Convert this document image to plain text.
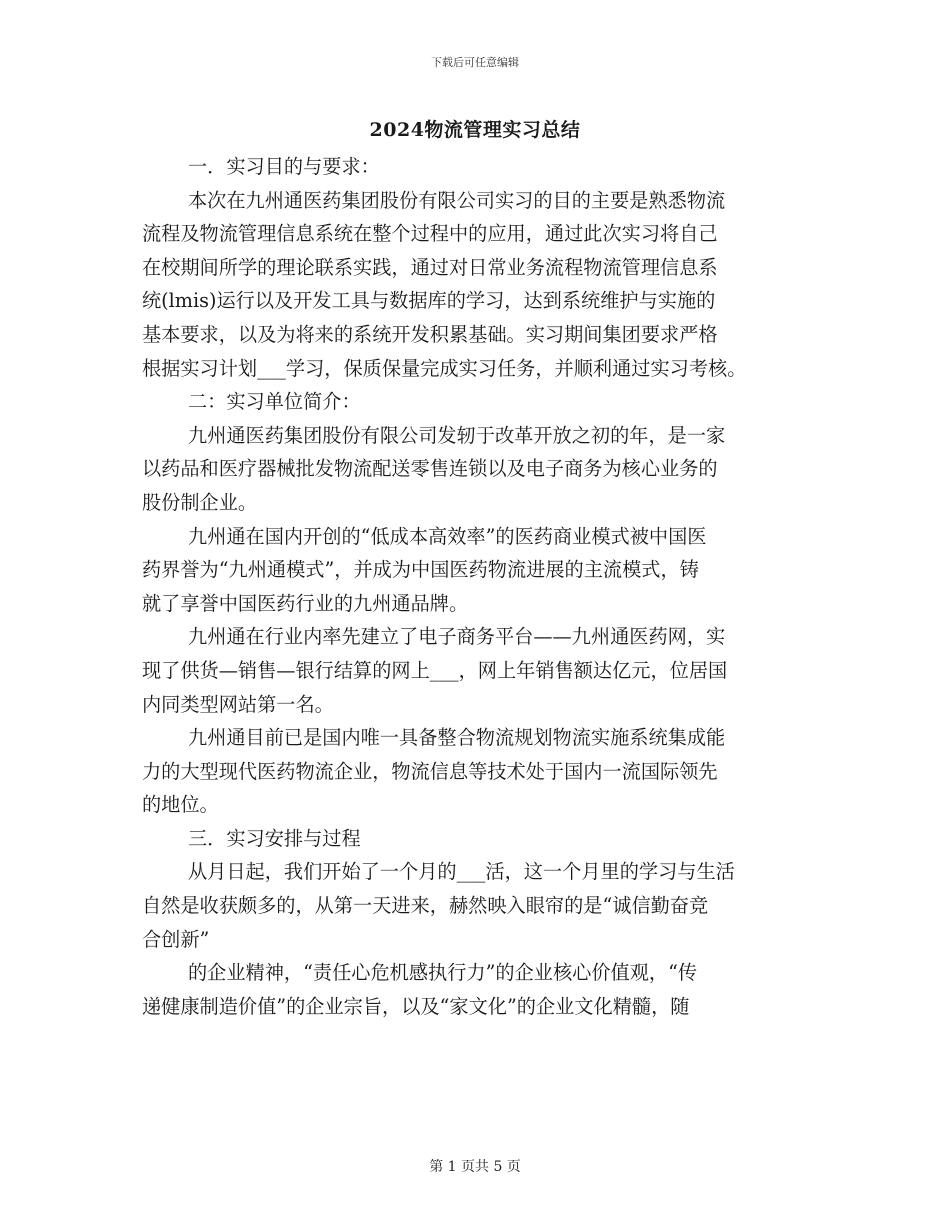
下载后可任意编辑
2024物流管理实习总结
一．实习目的与要求：
本次在九州通医药集团股份有限公司实习的目的主要是熟悉物流
流程及物流管理信息系统在整个过程中的应用，通过此次实习将自己
在校期间所学的理论联系实践，通过对日常业务流程物流管理信息系
统(lmis)运行以及开发工具与数据库的学习，达到系统维护与实施的
基本要求，以及为将来的系统开发积累基础。实习期间集团要求严格
根据实习计划___学习，保质保量完成实习任务，并顺利通过实习考核。
二：实习单位简介：
九州通医药集团股份有限公司发轫于改革开放之初的年，是一家
以药品和医疗器械批发物流配送零售连锁以及电子商务为核心业务的
股份制企业。
九州通在国内开创的“低成本高效率”的医药商业模式被中国医
药界誉为“九州通模式”，并成为中国医药物流进展的主流模式，铸
就了享誉中国医药行业的九州通品牌。
九州通在行业内率先建立了电子商务平台——九州通医药网，实
现了供货—销售—银行结算的网上___，网上年销售额达亿元，位居国
内同类型网站第一名。
九州通目前已是国内唯一具备整合物流规划物流实施系统集成能
力的大型现代医药物流企业，物流信息等技术处于国内一流国际领先
的地位。
三．实习安排与过程
从月日起，我们开始了一个月的___活，这一个月里的学习与生活
自然是收获颇多的，从第一天进来，赫然映入眼帘的是“诚信勤奋竞
合创新”
的企业精神，“责任心危机感执行力”的企业核心价值观，“传
递健康制造价值”的企业宗旨，以及“家文化”的企业文化精髓，随
第 1 页共 5 页
